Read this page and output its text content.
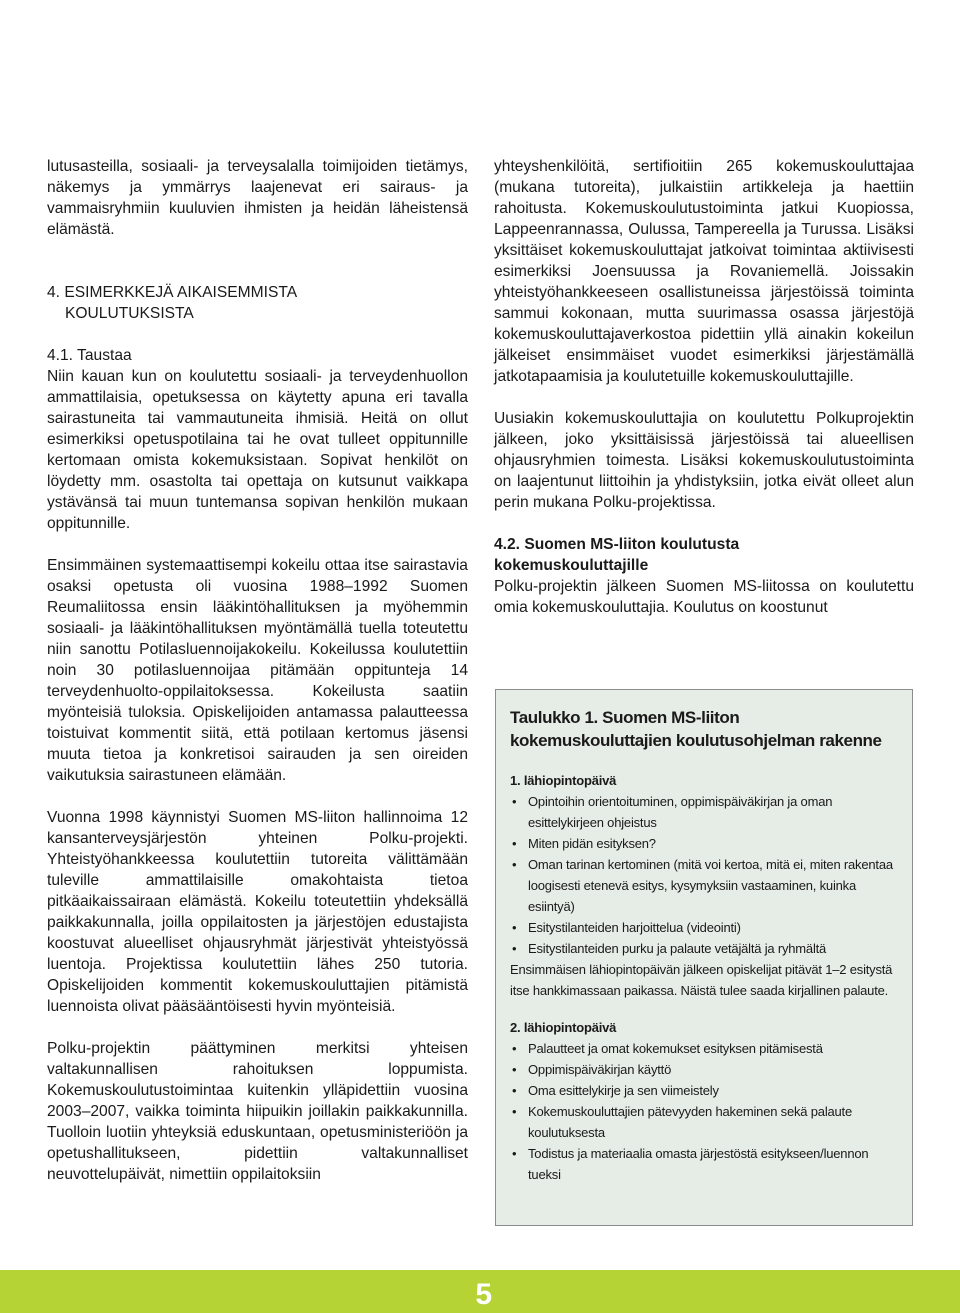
lutusasteilla, sosiaali- ja terveysalalla toimijoiden tietämys, näkemys ja ymmärrys laajenevat eri sairaus- ja vammaisryhmiin kuuluvien ihmisten ja heidän läheistensä elämästä.

4. ESIMERKKEJÄ AIKAISEMMISTA
KOULUTUKSISTA
4.1. Taustaa

Niin kauan kun on koulutettu sosiaali- ja terveydenhuollon ammattilaisia, opetuksessa on käytetty apuna eri tavalla sairastuneita tai vammautuneita ihmisiä. Heitä on ollut esimerkiksi opetuspotilaina tai he ovat tulleet oppitunnille kertomaan omista kokemuksistaan. Sopivat henkilöt on löydetty mm. osastolta tai opettaja on kutsunut vaikkapa ystävänsä tai muun tuntemansa sopivan henkilön mukaan oppitunnille.

Ensimmäinen systemaattisempi kokeilu ottaa itse sairastavia osaksi opetusta oli vuosina 1988–1992 Suomen Reumaliitossa ensin lääkintöhallituksen ja myöhemmin sosiaali- ja lääkintöhallituksen myöntämällä tuella toteutettu niin sanottu Potilasluennoijakokeilu. Kokeilussa koulutettiin noin 30 potilasluennoijaa pitämään oppitunteja 14 terveydenhuolto-oppilaitoksessa. Kokeilusta saatiin myönteisiä tuloksia. Opiskelijoiden antamassa palautteessa toistuivat kommentit siitä, että potilaan kertomus jäsensi muuta tietoa ja konkretisoi sairauden ja sen oireiden vaikutuksia sairastuneen elämään.

Vuonna 1998 käynnistyi Suomen MS-liiton hallinnoima 12 kansanterveysjärjestön yhteinen Polku-projekti. Yhteistyöhankkeessa koulutettiin tutoreita välittämään tuleville ammattilaisille omakohtaista tietoa pitkäaikaissairaan elämästä. Kokeilu toteutettiin yhdeksällä paikkakunnalla, joilla oppilaitosten ja järjestöjen edustajista koostuvat alueelliset ohjausryhmät järjestivät yhteistyössä luentoja. Projektissa koulutettiin lähes 250 tutoria. Opiskelijoiden kommentit kokemuskouluttajien pitämistä luennoista olivat pääsääntöisesti hyvin myönteisiä.

Polku-projektin päättyminen merkitsi yhteisen valtakunnallisen rahoituksen loppumista. Kokemuskoulutustoimintaa kuitenkin ylläpidettiin vuosina 2003–2007, vaikka toiminta hiipuikin joillakin paikkakunnilla. Tuolloin luotiin yhteyksiä eduskuntaan, opetusministeriöön ja opetushallitukseen, pidettiin valtakunnalliset neuvottelupäivät, nimettiin oppilaitoksiin

yhteyshenkilöitä, sertifioitiin 265 kokemuskouluttajaa (mukana tutoreita), julkaistiin artikkeleja ja haettiin rahoitusta. Kokemuskoulutustoiminta jatkui Kuopiossa, Lappeenrannassa, Oulussa, Tampereella ja Turussa. Lisäksi yksittäiset kokemuskouluttajat jatkoivat toimintaa aktiivisesti esimerkiksi Joensuussa ja Rovaniemellä. Joissakin yhteistyöhankkeeseen osallistuneissa järjestöissä toiminta sammui kokonaan, mutta suurimassa osassa järjestöjä kokemuskouluttajaverkostoa pidettiin yllä ainakin kokeilun jälkeiset ensimmäiset vuodet esimerkiksi järjestämällä jatkotapaamisia ja koulutetuille kokemuskouluttajille.

Uusiakin kokemuskouluttajia on koulutettu Polkuprojektin jälkeen, joko yksittäisissä järjestöissä tai alueellisen ohjausryhmien toimesta. Lisäksi kokemuskoulutustoiminta on laajentunut liittoihin ja yhdistyksiin, jotka eivät olleet alun perin mukana Polku-projektissa.

4.2. Suomen MS-liiton koulutusta
kokemuskouluttajille

Polku-projektin jälkeen Suomen MS-liitossa on koulutettu omia kokemuskouluttajia. Koulutus on koostunut

Taulukko 1. Suomen MS-liiton kokemuskouluttajien koulutusohjelman rakenne

1. lähiopintopäivä

• Opintoihin orientoituminen, oppimispäiväkirjan ja oman esittelykirjeen ohjeistus
• Miten pidän esityksen?
• Oman tarinan kertominen (mitä voi kertoa, mitä ei, miten rakentaa loogisesti etenevä esitys, kysymyksiin vastaaminen, kuinka esiintyä)
• Esitystilanteiden harjoittelua (videointi)
• Esitystilanteiden purku ja palaute vetäjältä ja ryhmältä

Ensimmäisen lähiopintopäivän jälkeen opiskelijat pitävät 1–2 esitystä itse hankkimassaan paikassa. Näistä tulee saada kirjallinen palaute.

2. lähiopintopäivä

• Palautteet ja omat kokemukset esityksen pitämisestä
• Oppimispäiväkirjan käyttö
• Oma esittelykirje ja sen viimeistely
• Kokemuskouluttajien pätevyyden hakeminen sekä palaute koulutuksesta
• Todistus ja materiaalia omasta järjestöstä esitykseen/luennon tueksi
5
